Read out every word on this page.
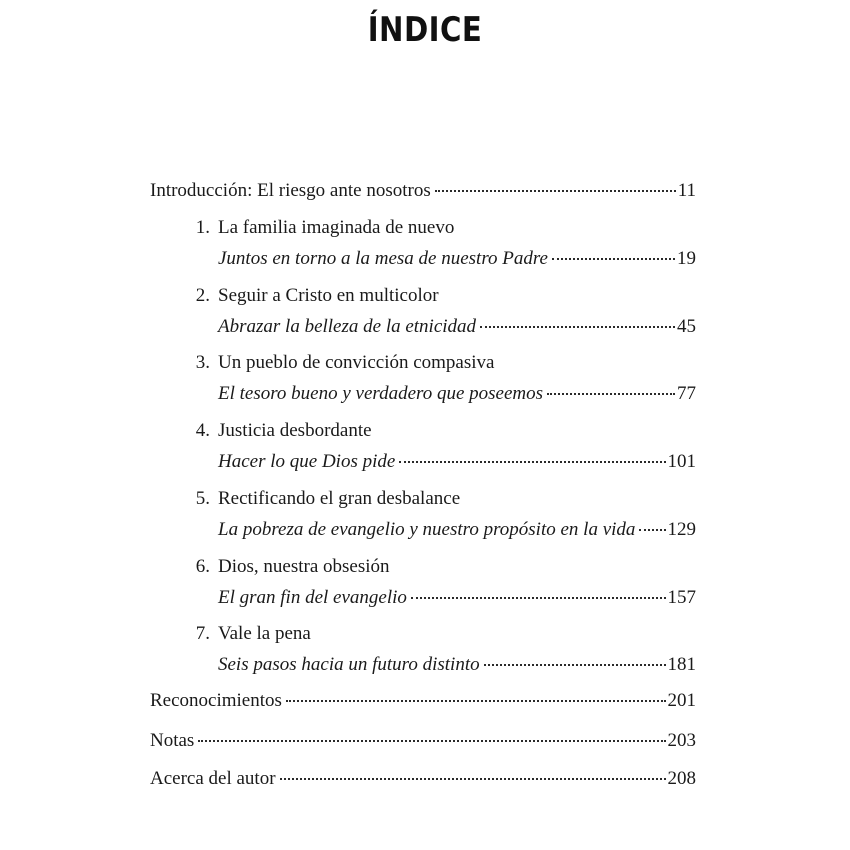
ÍNDICE
Introducción: El riesgo ante nosotros	11
1. La familia imaginada de nuevo
Juntos en torno a la mesa de nuestro Padre	19
2. Seguir a Cristo en multicolor
Abrazar la belleza de la etnicidad	45
3. Un pueblo de convicción compasiva
El tesoro bueno y verdadero que poseemos	77
4. Justicia desbordante
Hacer lo que Dios pide	101
5. Rectificando el gran desbalance
La pobreza de evangelio y nuestro propósito en la vida 129
6. Dios, nuestra obsesión
El gran fin del evangelio	157
7. Vale la pena
Seis pasos hacia un futuro distinto	181
Reconocimientos	201
Notas	203
Acerca del autor	208
